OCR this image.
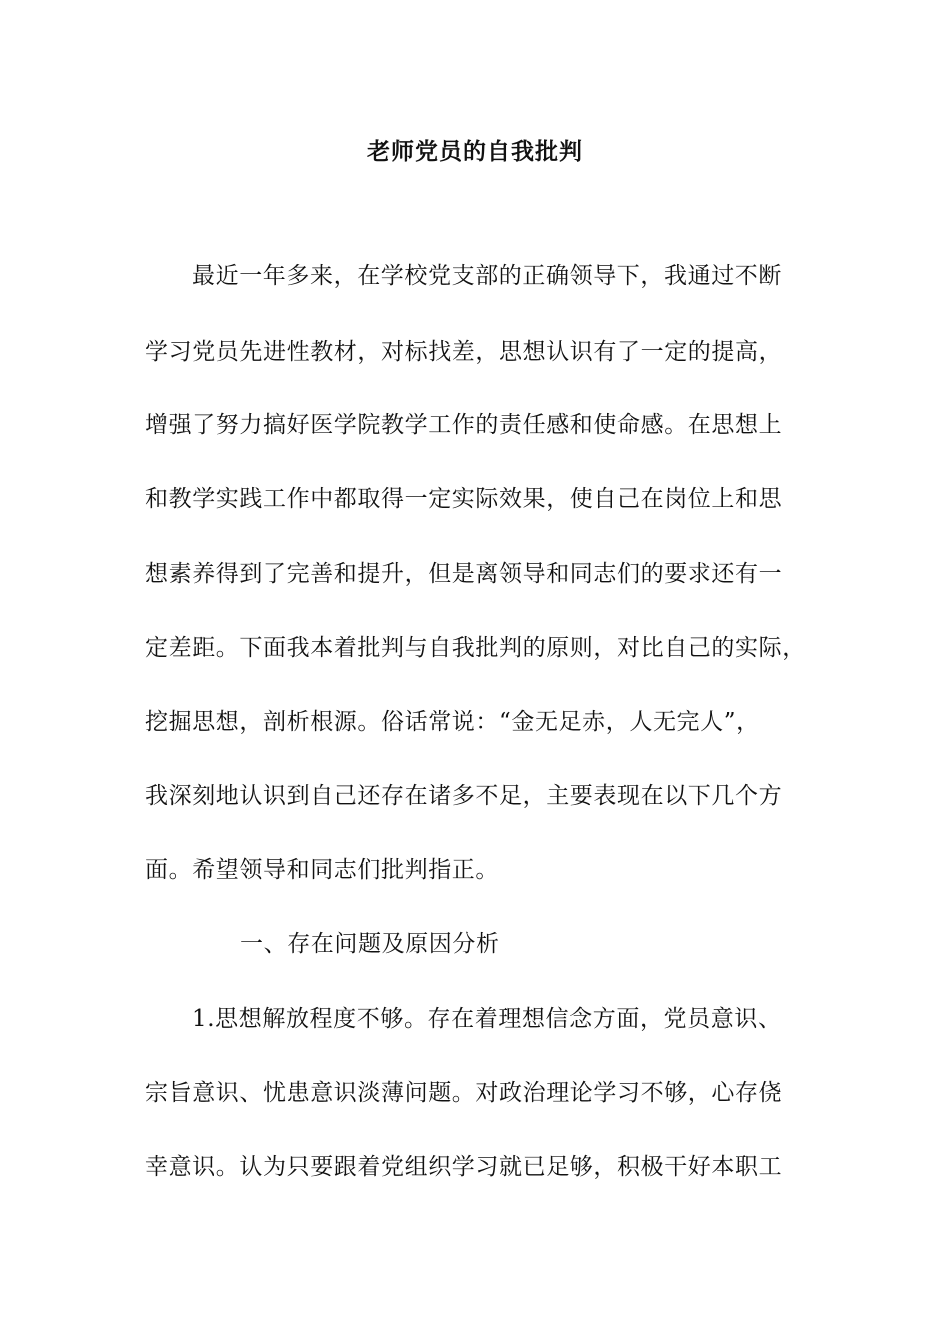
老师党员的自我批判
最近一年多来，在学校党支部的正确领导下，我通过不断
学习党员先进性教材，对标找差，思想认识有了一定的提高，
增强了努力搞好医学院教学工作的责任感和使命感。在思想上
和教学实践工作中都取得一定实际效果，使自己在岗位上和思
想素养得到了完善和提升，但是离领导和同志们的要求还有一
定差距。下面我本着批判与自我批判的原则，对比自己的实际，
挖掘思想，剖析根源。俗话常说：“金无足赤，人无完人”，
我深刻地认识到自己还存在诸多不足，主要表现在以下几个方
面。希望领导和同志们批判指正。
一、存在问题及原因分析
1.思想解放程度不够。存在着理想信念方面，党员意识、
宗旨意识、忧患意识淡薄问题。对政治理论学习不够，心存侥
幸意识。认为只要跟着党组织学习就已足够，积极干好本职工
